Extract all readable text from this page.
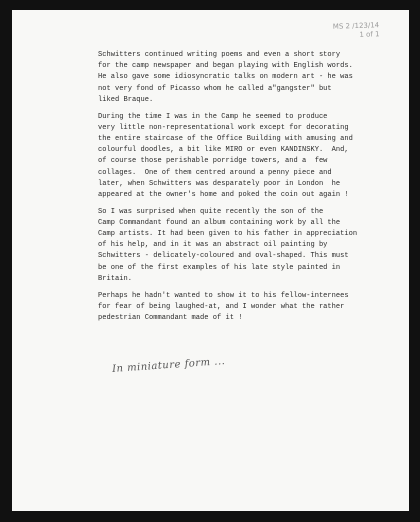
MS 2 /123/14
1 of 1
Schwitters continued writing poems and even a short story
for the camp newspaper and began playing with English words.
He also gave some idiosyncratic talks on modern art - he was
not very fond of Picasso whom he called a"gangster" but
liked Braque.
During the time I was in the Camp he seemed to produce
very little non-representational work except for decorating
the entire staircase of the Office Building with amusing and
colourful doodles, a bit like MIRO or even KANDINSKY.  And,
of course those perishable porridge towers, and a  few
collages.  One of them centred around a penny piece and
later, when Schwitters was desparately poor in London  he
appeared at the owner's home and poked the coin out again !
So I was surprised when quite recently the son of the
Camp Commandant found an album containing work by all the
Camp artists. It had been given to his father in appreciation
of his help, and in it was an abstract oil painting by
Schwitters - delicately-coloured and oval-shaped. This must
be one of the first examples of his late style painted in
Britain.
Perhaps he hadn't wanted to show it to his fellow-internees
for fear of being laughed-at, and I wonder what the rather
pedestrian Commandant made of it !
In miniature form ...
